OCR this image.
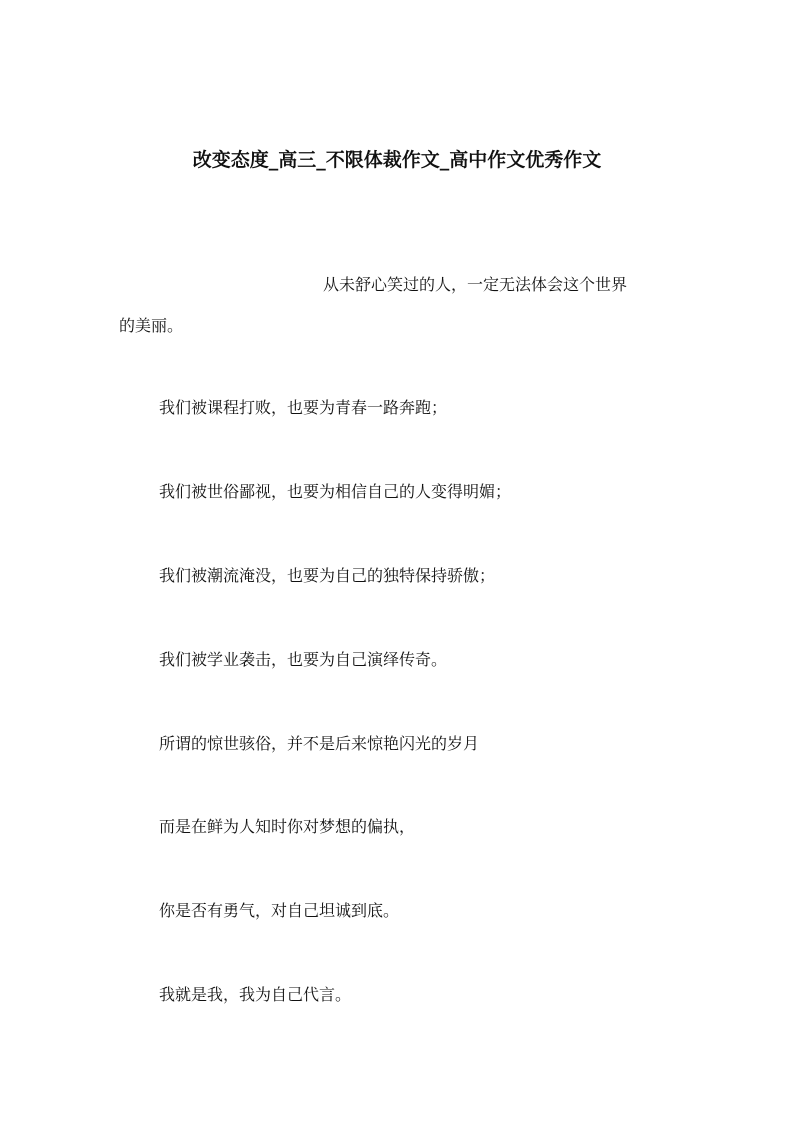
改变态度_高三_不限体裁作文_高中作文优秀作文

从未舒心笑过的人，一定无法体会这个世界

的美丽。

我们被课程打败，也要为青春一路奔跑；

我们被世俗鄙视，也要为相信自己的人变得明媚；

我们被潮流淹没，也要为自己的独特保持骄傲；

我们被学业袭击，也要为自己演绎传奇。

所谓的惊世骇俗，并不是后来惊艳闪光的岁月

而是在鲜为人知时你对梦想的偏执，

你是否有勇气，对自己坦诚到底。

我就是我，我为自己代言。
